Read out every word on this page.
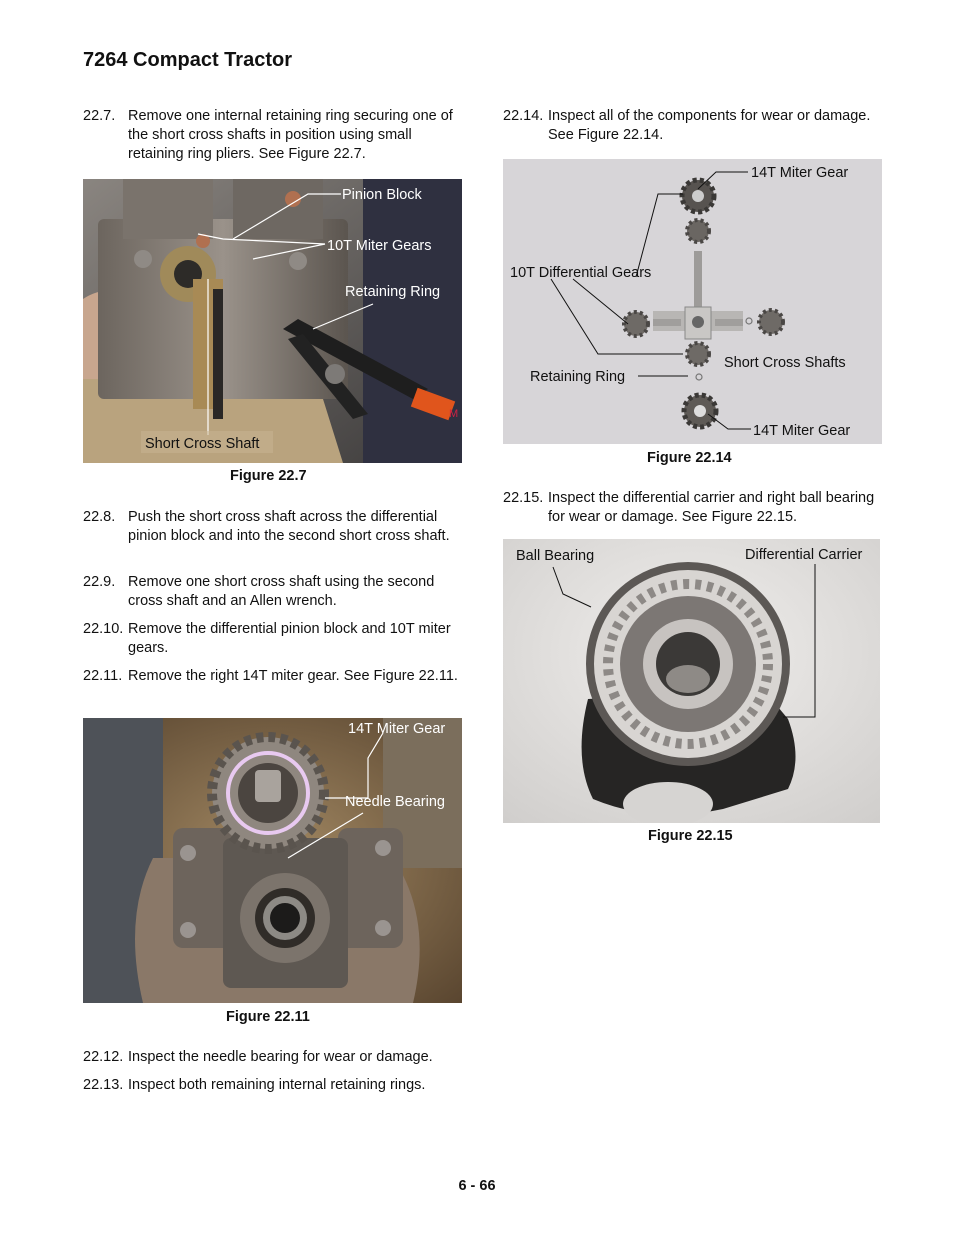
7264 Compact Tractor
22.7. Remove one internal retaining ring securing one of the short cross shafts in position using small retaining ring pliers. See Figure 22.7.
M
Pinion Block
10T Miter Gears
Retaining Ring
Short Cross Shaft
Figure 22.7
22.8. Push the short cross shaft across the differential pinion block and into the second short cross shaft.
22.9. Remove one short cross shaft using the second cross shaft and an Allen wrench.
22.10. Remove the differential pinion block and 10T miter gears.
22.11. Remove the right 14T miter gear. See Figure 22.11.
14T Miter Gear
Needle Bearing
Figure 22.11
22.12. Inspect the needle bearing for wear or damage.
22.13. Inspect both remaining internal retaining rings.
22.14. Inspect all of the components for wear or damage. See Figure 22.14.
14T Miter Gear
10T Differential Gears
Short Cross Shafts
Retaining Ring
14T Miter Gear
Figure 22.14
22.15. Inspect the differential carrier and right ball bearing for wear or damage. See Figure 22.15.
Ball Bearing	Differential Carrier
Figure 22.15
6 - 66
